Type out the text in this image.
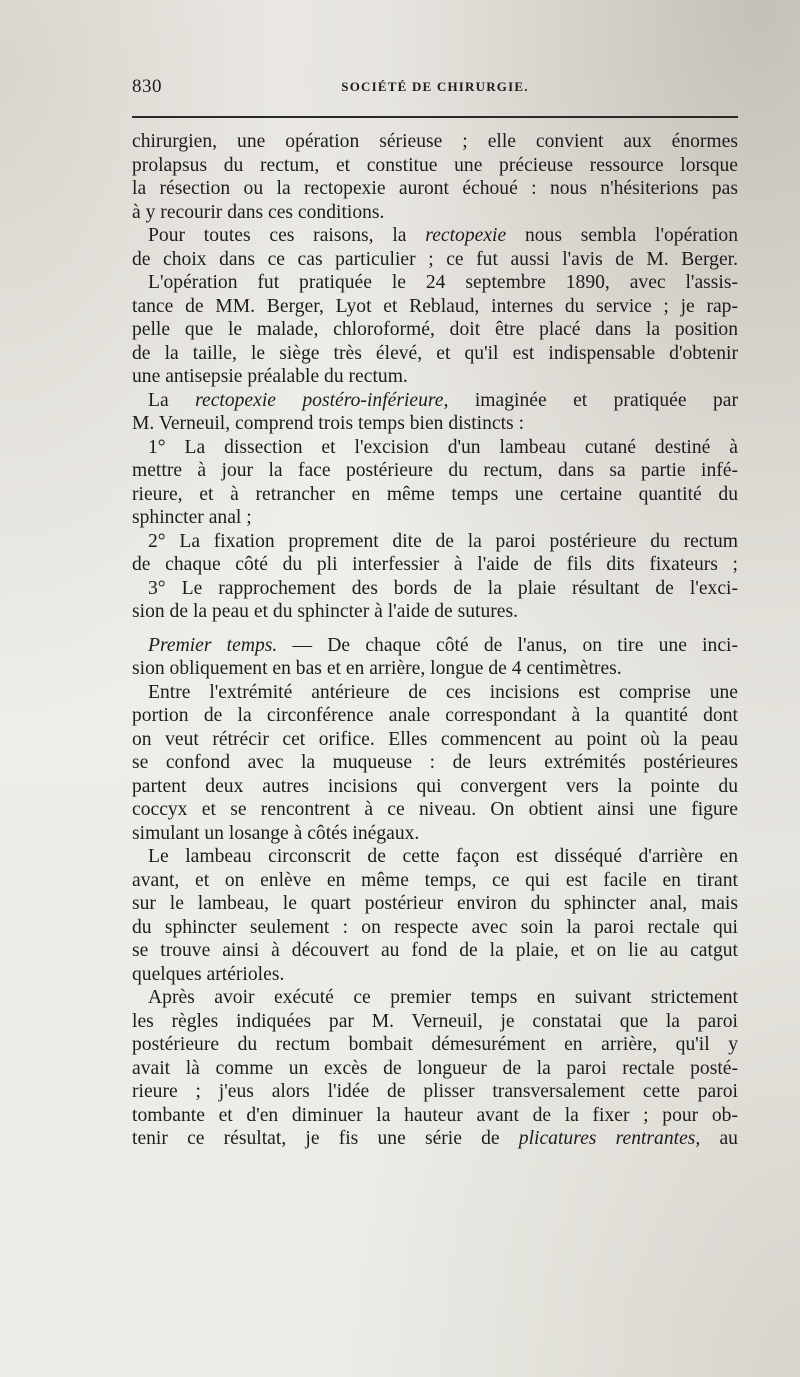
830	SOCIÉTÉ DE CHIRURGIE.
chirurgien, une opération sérieuse ; elle convient aux énormes
prolapsus du rectum, et constitue une précieuse ressource lorsque
la résection ou la rectopexie auront échoué : nous n'hésiterions pas
à y recourir dans ces conditions.
Pour toutes ces raisons, la rectopexie nous sembla l'opération
de choix dans ce cas particulier ; ce fut aussi l'avis de M. Berger.
L'opération fut pratiquée le 24 septembre 1890, avec l'assis-
tance de MM. Berger, Lyot et Reblaud, internes du service ; je rap-
pelle que le malade, chloroformé, doit être placé dans la position
de la taille, le siège très élevé, et qu'il est indispensable d'obtenir
une antisepsie préalable du rectum.
La rectopexie postéro-inférieure, imaginée et pratiquée par
M. Verneuil, comprend trois temps bien distincts :
1° La dissection et l'excision d'un lambeau cutané destiné à
mettre à jour la face postérieure du rectum, dans sa partie infé-
rieure, et à retrancher en même temps une certaine quantité du
sphincter anal ;
2° La fixation proprement dite de la paroi postérieure du rectum
de chaque côté du pli interfessier à l'aide de fils dits fixateurs ;
3° Le rapprochement des bords de la plaie résultant de l'exci-
sion de la peau et du sphincter à l'aide de sutures.
Premier temps. — De chaque côté de l'anus, on tire une inci-
sion obliquement en bas et en arrière, longue de 4 centimètres.
Entre l'extrémité antérieure de ces incisions est comprise une
portion de la circonférence anale correspondant à la quantité dont
on veut rétrécir cet orifice. Elles commencent au point où la peau
se confond avec la muqueuse : de leurs extrémités postérieures
partent deux autres incisions qui convergent vers la pointe du
coccyx et se rencontrent à ce niveau. On obtient ainsi une figure
simulant un losange à côtés inégaux.
Le lambeau circonscrit de cette façon est disséqué d'arrière en
avant, et on enlève en même temps, ce qui est facile en tirant
sur le lambeau, le quart postérieur environ du sphincter anal, mais
du sphincter seulement : on respecte avec soin la paroi rectale qui
se trouve ainsi à découvert au fond de la plaie, et on lie au catgut
quelques artérioles.
Après avoir exécuté ce premier temps en suivant strictement
les règles indiquées par M. Verneuil, je constatai que la paroi
postérieure du rectum bombait démesurément en arrière, qu'il y
avait là comme un excès de longueur de la paroi rectale posté-
rieure ; j'eus alors l'idée de plisser transversalement cette paroi
tombante et d'en diminuer la hauteur avant de la fixer ; pour ob-
tenir ce résultat, je fis une série de plicatures rentrantes, au
